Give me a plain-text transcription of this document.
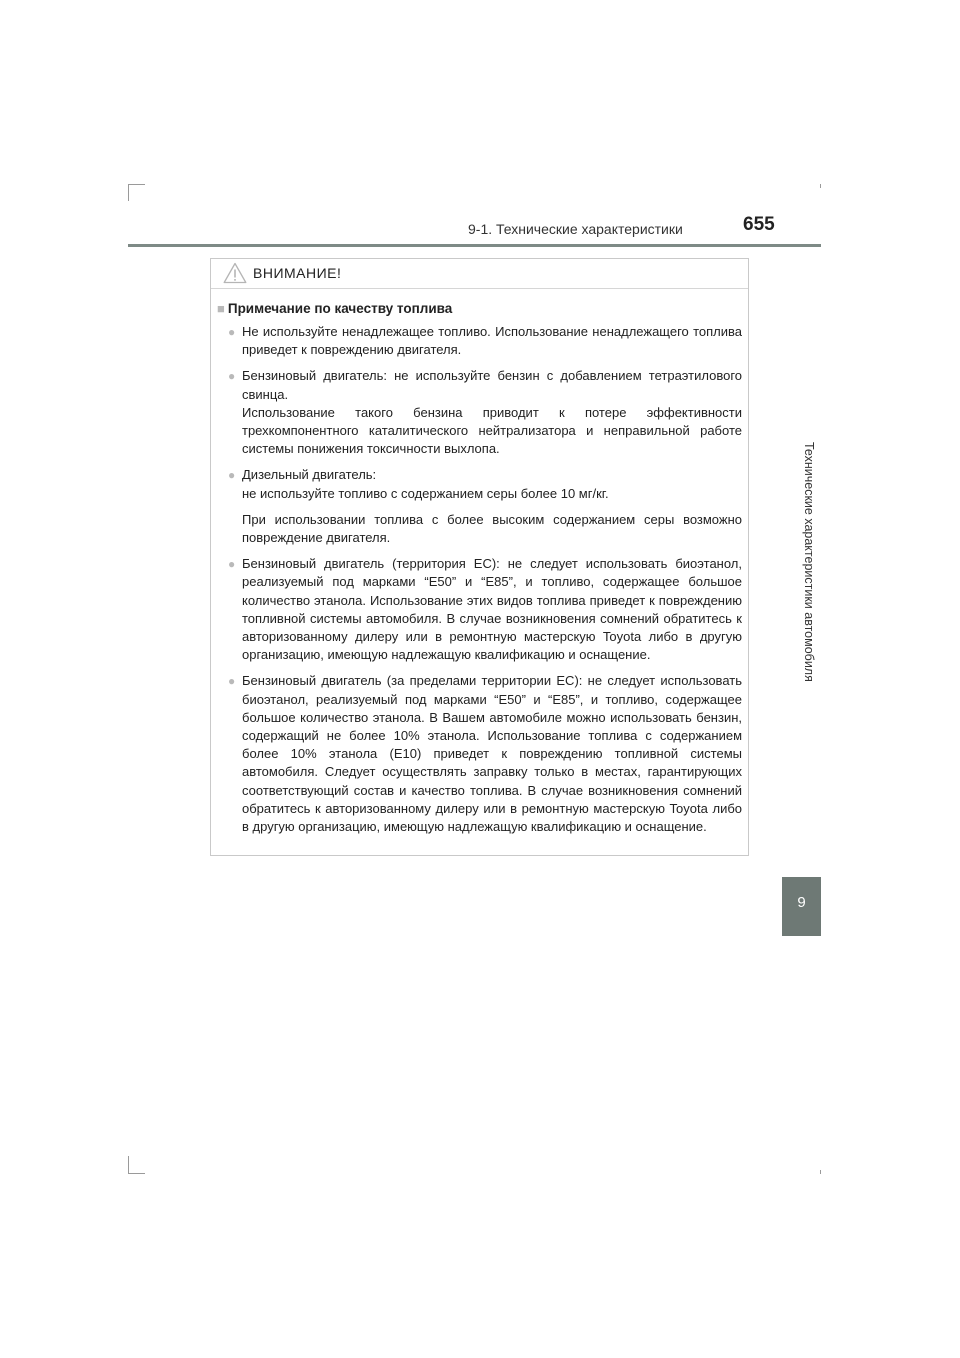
9-1. Технические характеристики	655
Технические характеристики автомобиля
9
ВНИМАНИЕ!
■ Примечание по качеству топлива
● Не используйте ненадлежащее топливо. Использование ненадлежащего топлива приведет к повреждению двигателя.

● Бензиновый двигатель: не используйте бензин с добавлением тетраэтилового свинца.

Использование такого бензина приводит к потере эффективности трехкомпонентного каталитического нейтрализатора и неправильной работе системы понижения токсичности выхлопа.

● Дизельный двигатель:

не используйте топливо с содержанием серы более 10 мг/кг.

При использовании топлива с более высоким содержанием серы возможно повреждение двигателя.

● Бензиновый двигатель (территория ЕС): не следует использовать биоэтанол, реализуемый под марками “E50” и “E85”, и топливо, содержащее большое количество этанола. Использование этих видов топлива приведет к повреждению топливной системы автомобиля. В случае возникновения сомнений обратитесь к авторизованному дилеру или в ремонтную мастерскую Toyota либо в другую организацию, имеющую надлежащую квалификацию и оснащение.

● Бензиновый двигатель (за пределами территории ЕС): не следует использовать биоэтанол, реализуемый под марками “E50” и “E85”, и топливо, содержащее большое количество этанола. В Вашем автомобиле можно использовать бензин, содержащий не более 10% этанола. Использование топлива с содержанием более 10% этанола (E10) приведет к повреждению топливной системы автомобиля. Следует осуществлять заправку только в местах, гарантирующих соответствующий состав и качество топлива. В случае возникновения сомнений обратитесь к авторизованному дилеру или в ремонтную мастерскую Toyota либо в другую организацию, имеющую надлежащую квалификацию и оснащение.
